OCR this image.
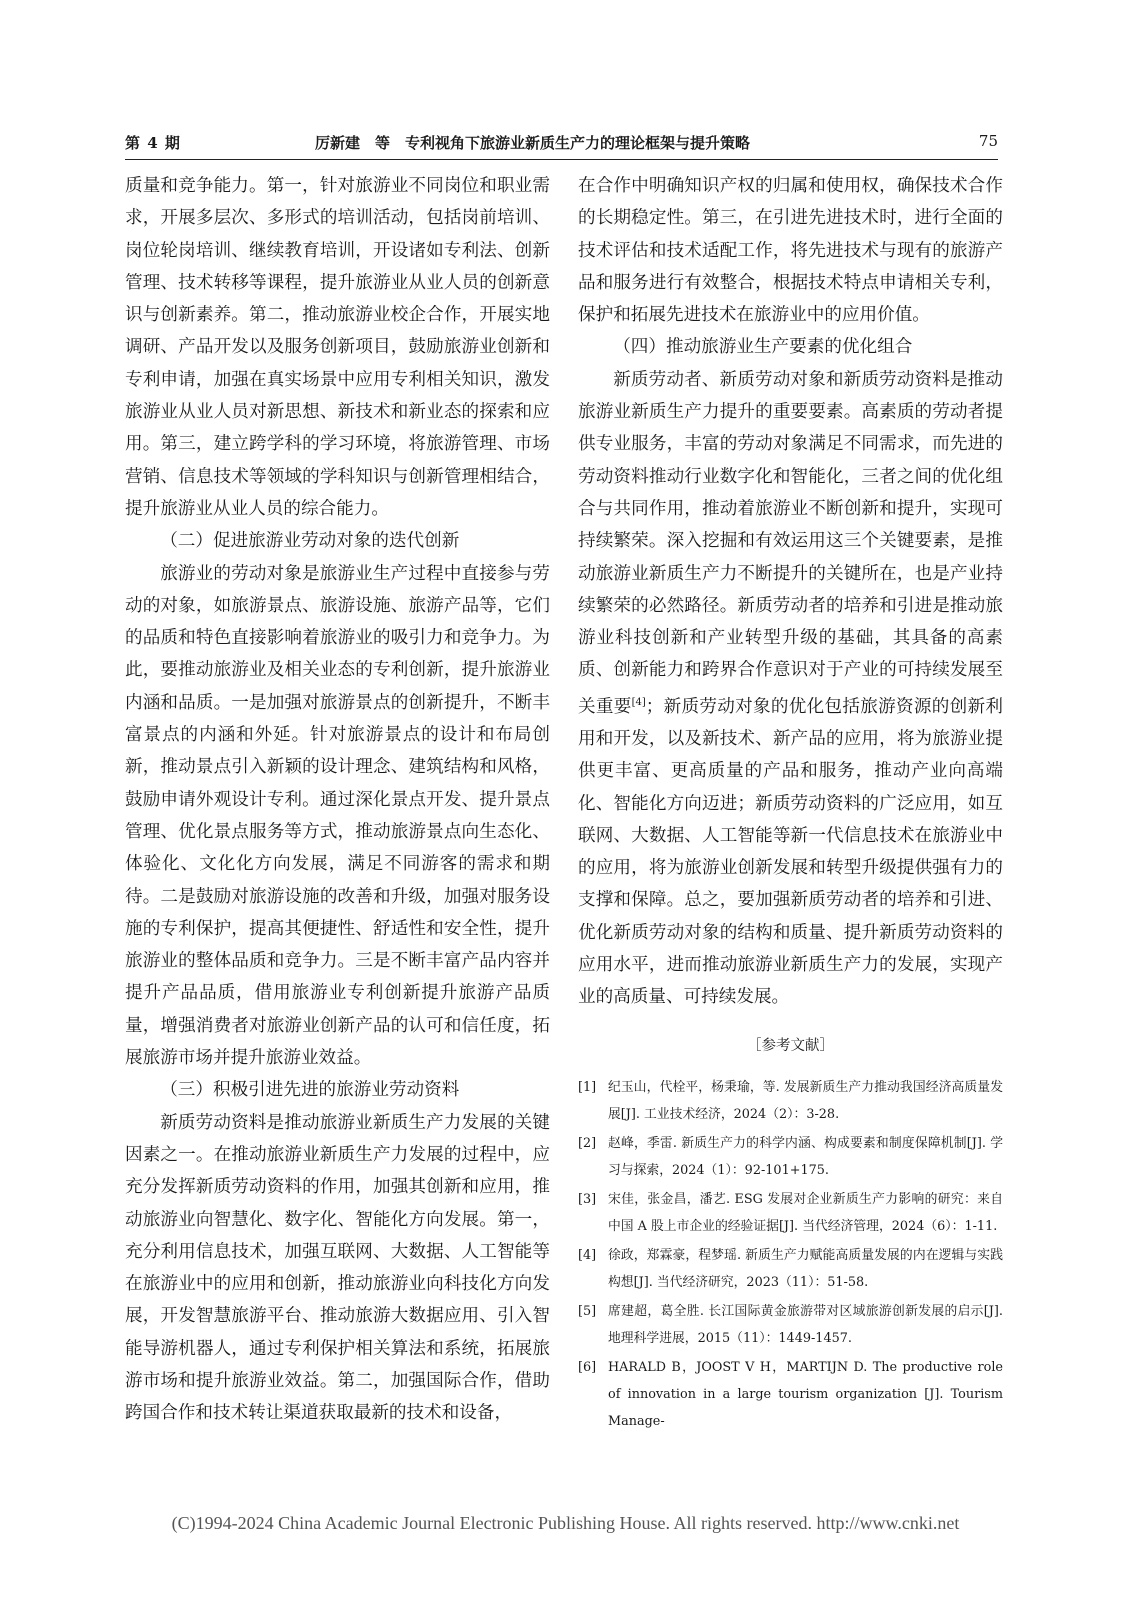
第 4 期	厉新建　等　专利视角下旅游业新质生产力的理论框架与提升策略	75

质量和竞争能力。第一，针对旅游业不同岗位和职业需求，开展多层次、多形式的培训活动，包括岗前培训、岗位轮岗培训、继续教育培训，开设诸如专利法、创新管理、技术转移等课程，提升旅游业从业人员的创新意识与创新素养。第二，推动旅游业校企合作，开展实地调研、产品开发以及服务创新项目，鼓励旅游业创新和专利申请，加强在真实场景中应用专利相关知识，激发旅游业从业人员对新思想、新技术和新业态的探索和应用。第三，建立跨学科的学习环境，将旅游管理、市场营销、信息技术等领域的学科知识与创新管理相结合，提升旅游业从业人员的综合能力。

（二）促进旅游业劳动对象的迭代创新

旅游业的劳动对象是旅游业生产过程中直接参与劳动的对象，如旅游景点、旅游设施、旅游产品等，它们的品质和特色直接影响着旅游业的吸引力和竞争力。为此，要推动旅游业及相关业态的专利创新，提升旅游业内涵和品质。一是加强对旅游景点的创新提升，不断丰富景点的内涵和外延。针对旅游景点的设计和布局创新，推动景点引入新颖的设计理念、建筑结构和风格，鼓励申请外观设计专利。通过深化景点开发、提升景点管理、优化景点服务等方式，推动旅游景点向生态化、体验化、文化化方向发展，满足不同游客的需求和期待。二是鼓励对旅游设施的改善和升级，加强对服务设施的专利保护，提高其便捷性、舒适性和安全性，提升旅游业的整体品质和竞争力。三是不断丰富产品内容并提升产品品质，借用旅游业专利创新提升旅游产品质量，增强消费者对旅游业创新产品的认可和信任度，拓展旅游市场并提升旅游业效益。

（三）积极引进先进的旅游业劳动资料

新质劳动资料是推动旅游业新质生产力发展的关键因素之一。在推动旅游业新质生产力发展的过程中，应充分发挥新质劳动资料的作用，加强其创新和应用，推动旅游业向智慧化、数字化、智能化方向发展。第一，充分利用信息技术，加强互联网、大数据、人工智能等在旅游业中的应用和创新，推动旅游业向科技化方向发展，开发智慧旅游平台、推动旅游大数据应用、引入智能导游机器人，通过专利保护相关算法和系统，拓展旅游市场和提升旅游业效益。第二，加强国际合作，借助跨国合作和技术转让渠道获取最新的技术和设备，

在合作中明确知识产权的归属和使用权，确保技术合作的长期稳定性。第三，在引进先进技术时，进行全面的技术评估和技术适配工作，将先进技术与现有的旅游产品和服务进行有效整合，根据技术特点申请相关专利，保护和拓展先进技术在旅游业中的应用价值。

（四）推动旅游业生产要素的优化组合

新质劳动者、新质劳动对象和新质劳动资料是推动旅游业新质生产力提升的重要要素。高素质的劳动者提供专业服务，丰富的劳动对象满足不同需求，而先进的劳动资料推动行业数字化和智能化，三者之间的优化组合与共同作用，推动着旅游业不断创新和提升，实现可持续繁荣。深入挖掘和有效运用这三个关键要素，是推动旅游业新质生产力不断提升的关键所在，也是产业持续繁荣的必然路径。新质劳动者的培养和引进是推动旅游业科技创新和产业转型升级的基础，其具备的高素质、创新能力和跨界合作意识对于产业的可持续发展至关重要[4]；新质劳动对象的优化包括旅游资源的创新利用和开发，以及新技术、新产品的应用，将为旅游业提供更丰富、更高质量的产品和服务，推动产业向高端化、智能化方向迈进；新质劳动资料的广泛应用，如互联网、大数据、人工智能等新一代信息技术在旅游业中的应用，将为旅游业创新发展和转型升级提供强有力的支撑和保障。总之，要加强新质劳动者的培养和引进、优化新质劳动对象的结构和质量、提升新质劳动资料的应用水平，进而推动旅游业新质生产力的发展，实现产业的高质量、可持续发展。

［参考文献］
[1] 纪玉山，代栓平，杨秉瑜，等. 发展新质生产力推动我国经济高质量发展[J]. 工业技术经济，2024（2）：3-28.
[2] 赵峰，季雷. 新质生产力的科学内涵、构成要素和制度保障机制[J]. 学习与探索，2024（1）：92-101+175.
[3] 宋佳，张金昌，潘艺. ESG 发展对企业新质生产力影响的研究：来自中国 A 股上市企业的经验证据[J]. 当代经济管理，2024（6）：1-11.
[4] 徐政，郑霖豪，程梦瑶. 新质生产力赋能高质量发展的内在逻辑与实践构想[J]. 当代经济研究，2023（11）：51-58.
[5] 席建超，葛全胜. 长江国际黄金旅游带对区域旅游创新发展的启示[J]. 地理科学进展，2015（11）：1449-1457.
[6] HARALD B，JOOST V H，MARTIJN D. The productive role of innovation in a large tourism organization [J]. Tourism Manage-
(C)1994-2024 China Academic Journal Electronic Publishing House. All rights reserved. http://www.cnki.net
